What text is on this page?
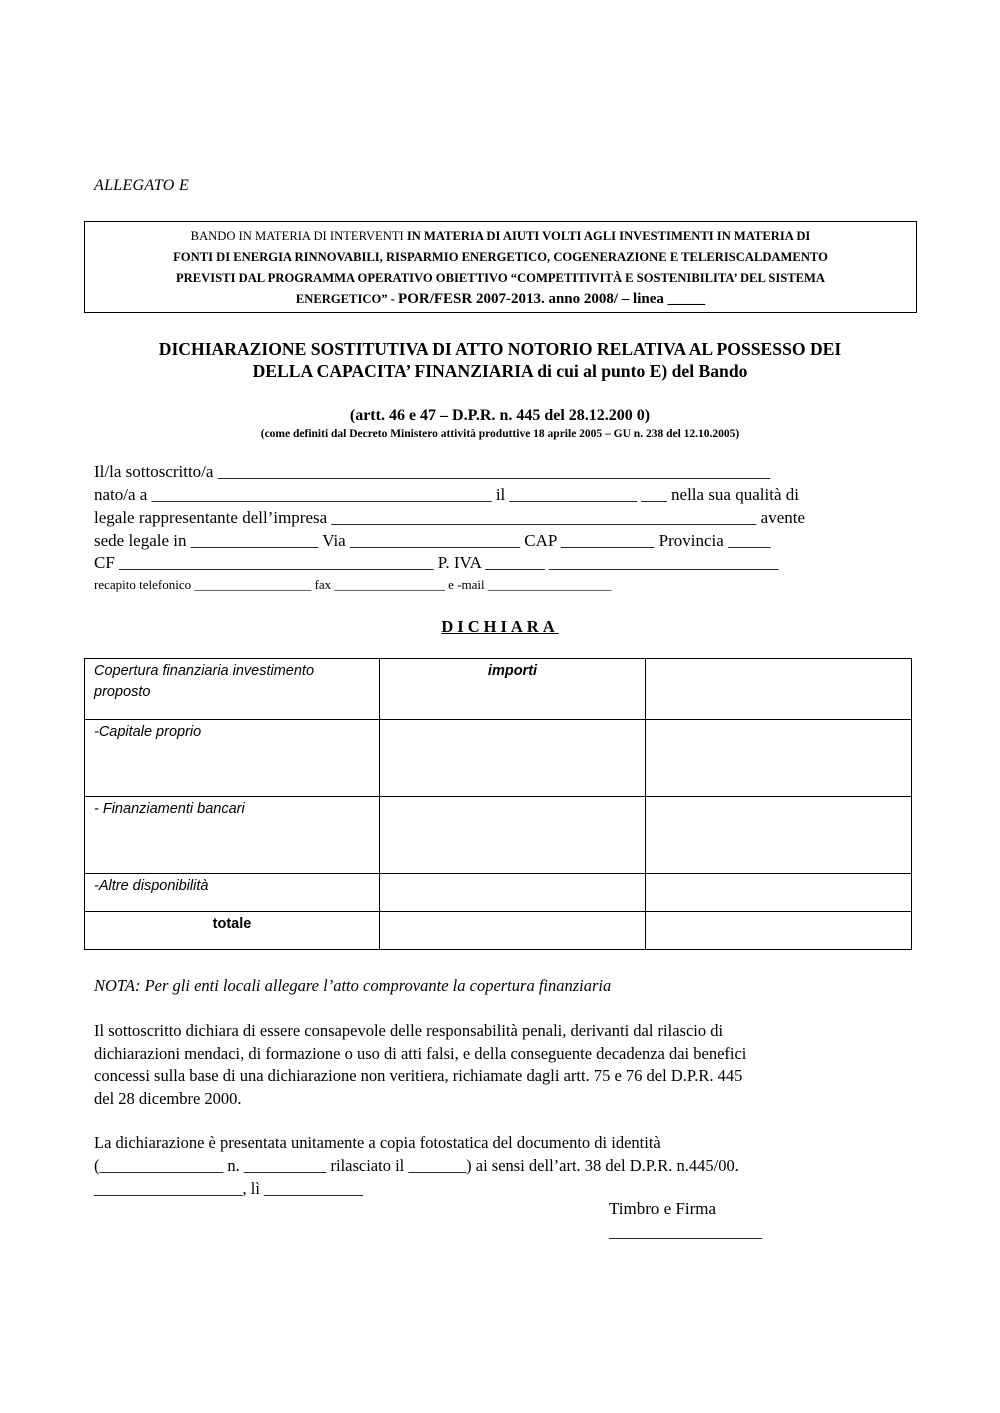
ALLEGATO E
BANDO IN MATERIA DI INTERVENTI IN MATERIA DI AIUTI VOLTI AGLI INVESTIMENTI IN MATERIA DI
FONTI DI ENERGIA RINNOVABILI, RISPARMIO ENERGETICO, COGENERAZIONE E TELERISCALDAMENTO
PREVISTI DAL PROGRAMMA OPERATIVO OBIETTIVO “COMPETITIVITÀ E SOSTENIBILITA’ DEL SISTEMA
ENERGETICO” - POR/FESR 2007-2013. anno 2008/ – linea _____
DICHIARAZIONE SOSTITUTIVA DI ATTO NOTORIO RELATIVA AL POSSESSO DEI
DELLA CAPACITA’ FINANZIARIA di cui al punto E) del Bando
(artt. 46 e 47 – D.P.R. n. 445 del 28.12.200 0)
(come definiti dal Decreto Ministero attività produttive 18 aprile 2005 – GU n. 238 del 12.10.2005)
Il/la sottoscritto/a _________________________________________________________________
nato/a a ________________________________________ il _______________ ___ nella sua qualità di
legale rappresentante dell’impresa __________________________________________________ avente
sede legale in _______________ Via ____________________ CAP ___________ Provincia _____
CF _____________________________________ P. IVA _______ ___________________________
recapito telefonico __________________ fax _________________ e -mail ___________________
DICHIARA
Copertura finanziaria investimento proposto	importi	
-Capitale proprio		
- Finanziamenti bancari		
-Altre disponibilità		
totale		
NOTA: Per gli enti locali allegare l’atto comprovante la copertura finanziaria
Il sottoscritto dichiara di essere consapevole delle responsabilità penali, derivanti dal rilascio di
dichiarazioni mendaci, di formazione o uso di atti falsi, e della conseguente decadenza dai benefici
concessi sulla base di una dichiarazione non veritiera, richiamate dagli artt. 75 e 76 del D.P.R. 445
del 28 dicembre 2000.
La dichiarazione è presentata unitamente a copia fotostatica del documento di identità
(_______________ n. __________ rilasciato il _______) ai sensi dell’art. 38 del D.P.R. n.445/00.
__________________, lì ____________
Timbro e Firma
__________________
